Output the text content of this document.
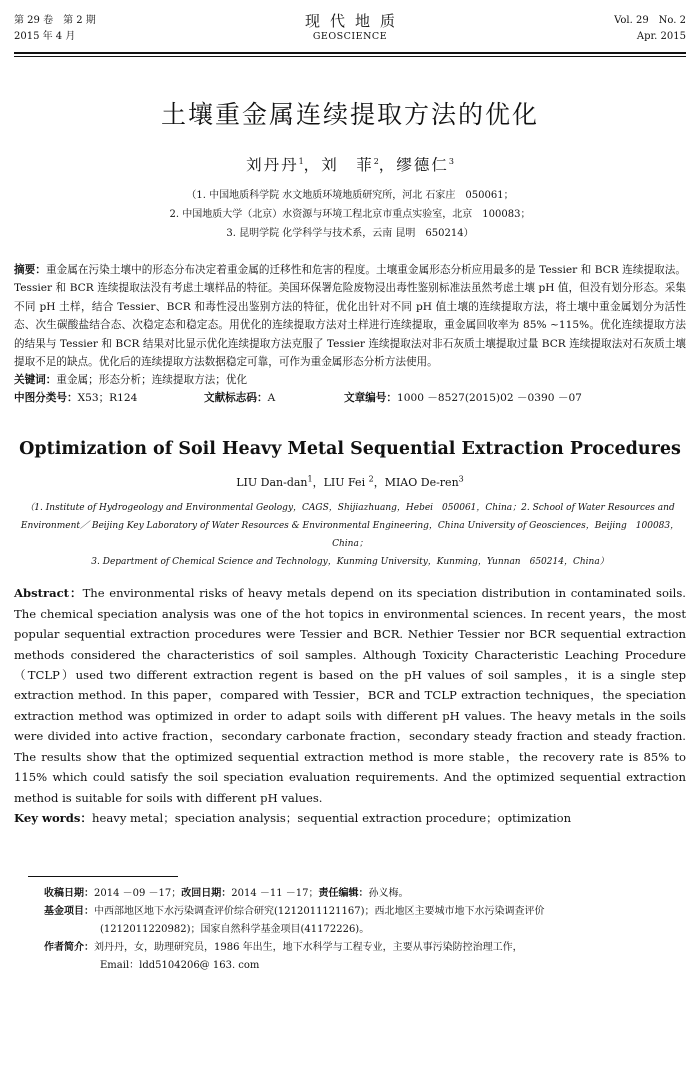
第 29 卷　第 2 期
2015 年 4 月
现代地质
GEOSCIENCE
Vol. 29　No. 2
Apr. 2015
土壤重金属连续提取方法的优化
刘丹丹$^1$，刘　菲$^2$，缪德仁$^3$
（1. 中国地质科学院 水文地质环境地质研究所，河北 石家庄　050061；
2. 中国地质大学（北京）水资源与环境工程北京市重点实验室，北京　100083；
3. 昆明学院 化学科学与技术系，云南 昆明　650214）
摘要：重金属在污染土壤中的形态分布决定着重金属的迁移性和危害的程度。土壤重金属形态分析应用最多的是 Tessier 和 BCR 连续提取法。Tessier 和 BCR 连续提取法没有考虑土壤样品的特征。美国环保署危险废物浸出毒性鉴别标准法虽然考虑土壤 pH 值，但没有划分形态。采集不同 pH 土样，结合 Tessier、BCR 和毒性浸出鉴别方法的特征，优化出针对不同 pH 值土壤的连续提取方法，将土壤中重金属划分为活性态、次生碳酸盐结合态、次稳定态和稳定态。用优化的连续提取方法对土样进行连续提取，重金属回收率为 85% ~115%。优化连续提取方法的结果与 Tessier 和 BCR 结果对比显示优化连续提取方法克服了 Tessier 连续提取法对非石灰质土壤提取过量 BCR 连续提取法对石灰质土壤提取不足的缺点。优化后的连续提取方法数据稳定可靠，可作为重金属形态分析方法使用。
关键词：重金属；形态分析；连续提取方法；优化
中图分类号：X53；R124	文献标志码：A	文章编号：1000 －8527(2015)02 －0390 －07
Optimization of Soil Heavy Metal Sequential Extraction Procedures
LIU Dan-dan$^1$，LIU Fei $^2$，MIAO De-ren$^3$
（1. Institute of Hydrogeology and Environmental Geology，CAGS，Shijiazhuang，Hebei　050061，China；2. School of Water Resources and
Environment／ Beijing Key Laboratory of Water Resources & Environmental Engineering，China University of Geosciences，Beijing　100083，China；
3. Department of Chemical Science and Technology，Kunming University，Kunming，Yunnan　650214，China）
Abstract：The environmental risks of heavy metals depend on its speciation distribution in contaminated soils. The chemical speciation analysis was one of the hot topics in environmental sciences. In recent years，the most popular sequential extraction procedures were Tessier and BCR. Nethier Tessier nor BCR sequential extraction methods considered the characteristics of soil samples. Although Toxicity Characteristic Leaching Procedure（TCLP）used two different extraction regent is based on the pH values of soil samples，it is a single step extraction method. In this paper，compared with Tessier，BCR and TCLP extraction techniques，the speciation extraction method was optimized in order to adapt soils with different pH values. The heavy metals in the soils were divided into active fraction，secondary carbonate fraction，secondary steady fraction and steady fraction. The results show that the optimized sequential extraction method is more stable，the recovery rate is 85% to 115% which could satisfy the soil speciation evaluation requirements. And the optimized sequential extraction method is suitable for soils with different pH values.
Key words：heavy metal；speciation analysis；sequential extraction procedure；optimization
收稿日期： 2014 －09 －17； 改回日期： 2014 －11 －17； 责任编辑： 孙义梅。
基金项目： 中西部地区地下水污染调查评价综合研究(1212011121167)；西北地区主要城市地下水污染调查评价
(1212011220982)；国家自然科学基金项目(41172226)。
作者简介： 刘丹丹，女，助理研究员，1986 年出生，地下水科学与工程专业，主要从事污染防控治理工作，
Email：ldd5104206@ 163. com
